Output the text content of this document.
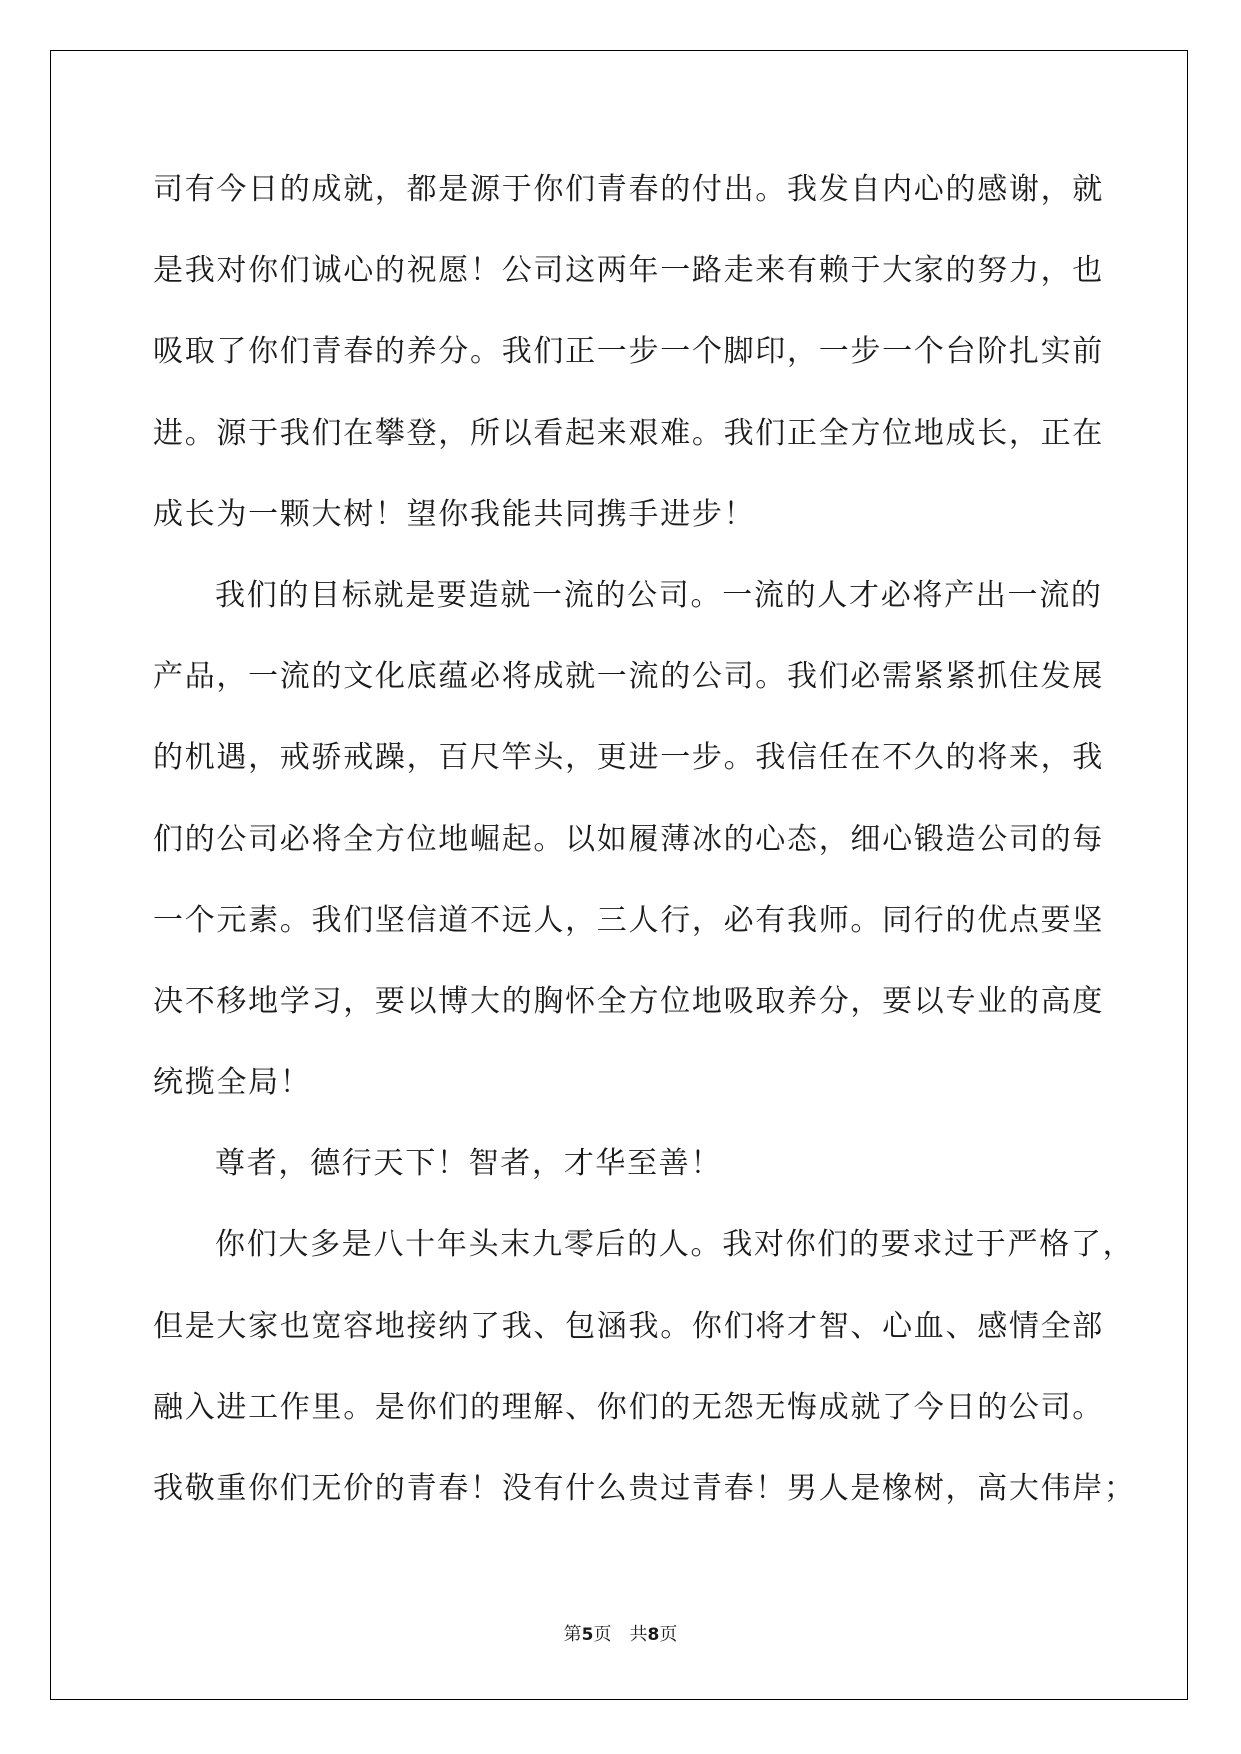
司有今日的成就，都是源于你们青春的付出。我发自内心的感谢，就
是我对你们诚心的祝愿！公司这两年一路走来有赖于大家的努力，也
吸取了你们青春的养分。我们正一步一个脚印，一步一个台阶扎实前
进。源于我们在攀登，所以看起来艰难。我们正全方位地成长，正在
成长为一颗大树！望你我能共同携手进步！
我们的目标就是要造就一流的公司。一流的人才必将产出一流的
产品，一流的文化底蕴必将成就一流的公司。我们必需紧紧抓住发展
的机遇，戒骄戒躁，百尺竿头，更进一步。我信任在不久的将来，我
们的公司必将全方位地崛起。以如履薄冰的心态，细心锻造公司的每
一个元素。我们坚信道不远人，三人行，必有我师。同行的优点要坚
决不移地学习，要以博大的胸怀全方位地吸取养分，要以专业的高度
统揽全局！
尊者，德行天下！智者，才华至善！
你们大多是八十年头末九零后的人。我对你们的要求过于严格了，
但是大家也宽容地接纳了我、包涵我。你们将才智、心血、感情全部
融入进工作里。是你们的理解、你们的无怨无悔成就了今日的公司。
我敬重你们无价的青春！没有什么贵过青春！男人是橡树，高大伟岸；
第5页 共8页
